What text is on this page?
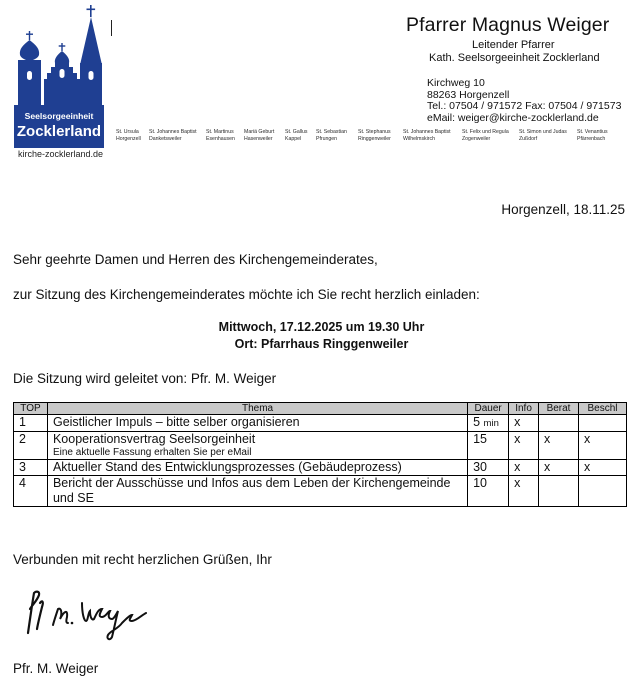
Seelsorgeeinheit
Zocklerland
kirche-zocklerland.de
Pfarrer Magnus Weiger
Leitender Pfarrer
Kath. Seelsorgeeinheit Zocklerland
Kirchweg 10
88263 Horgenzell
Tel.: 07504 / 971572 Fax: 07504 / 971573
eMail: weiger@kirche-zocklerland.de
St. Ursula
Horgenzell
St. Johannes Baptist
Danketsweiler
St. Martinus
Esenhausen
Mariä Geburt
Hasenweiler
St. Gallus
Kappel
St. Sebastian
Pfrungen
St. Stephanus
Ringgenweiler
St. Johannes Baptist
Wilhelmskirch
St. Felix und Regula
Zogenweiler
St. Simon und Judas
Zußdorf
St. Venantius
Pfärrenbach
Horgenzell, 18.11.25
Sehr geehrte Damen und Herren des Kirchengemeinderates,
zur Sitzung des Kirchengemeinderates möchte ich Sie recht herzlich einladen:
Mittwoch, 17.12.2025 um 19.30 Uhr
Ort: Pfarrhaus Ringgenweiler
Die Sitzung wird geleitet von: Pfr. M. Weiger
TOP	Thema	Dauer	Info	Berat	Beschl
1	Geistlicher Impuls – bitte selber organisieren	5 min	x		
2	Kooperationsvertrag Seelsorgeinheit
Eine aktuelle Fassung erhalten Sie per eMail	15	x	x	x
3	Aktueller Stand des Entwicklungsprozesses (Gebäudeprozess)	30	x	x	x
4	Bericht der Ausschüsse und Infos aus dem Leben der Kirchengemeinde und SE	10	x		
Verbunden mit recht herzlichen Grüßen, Ihr
Pfr. M. Weiger
